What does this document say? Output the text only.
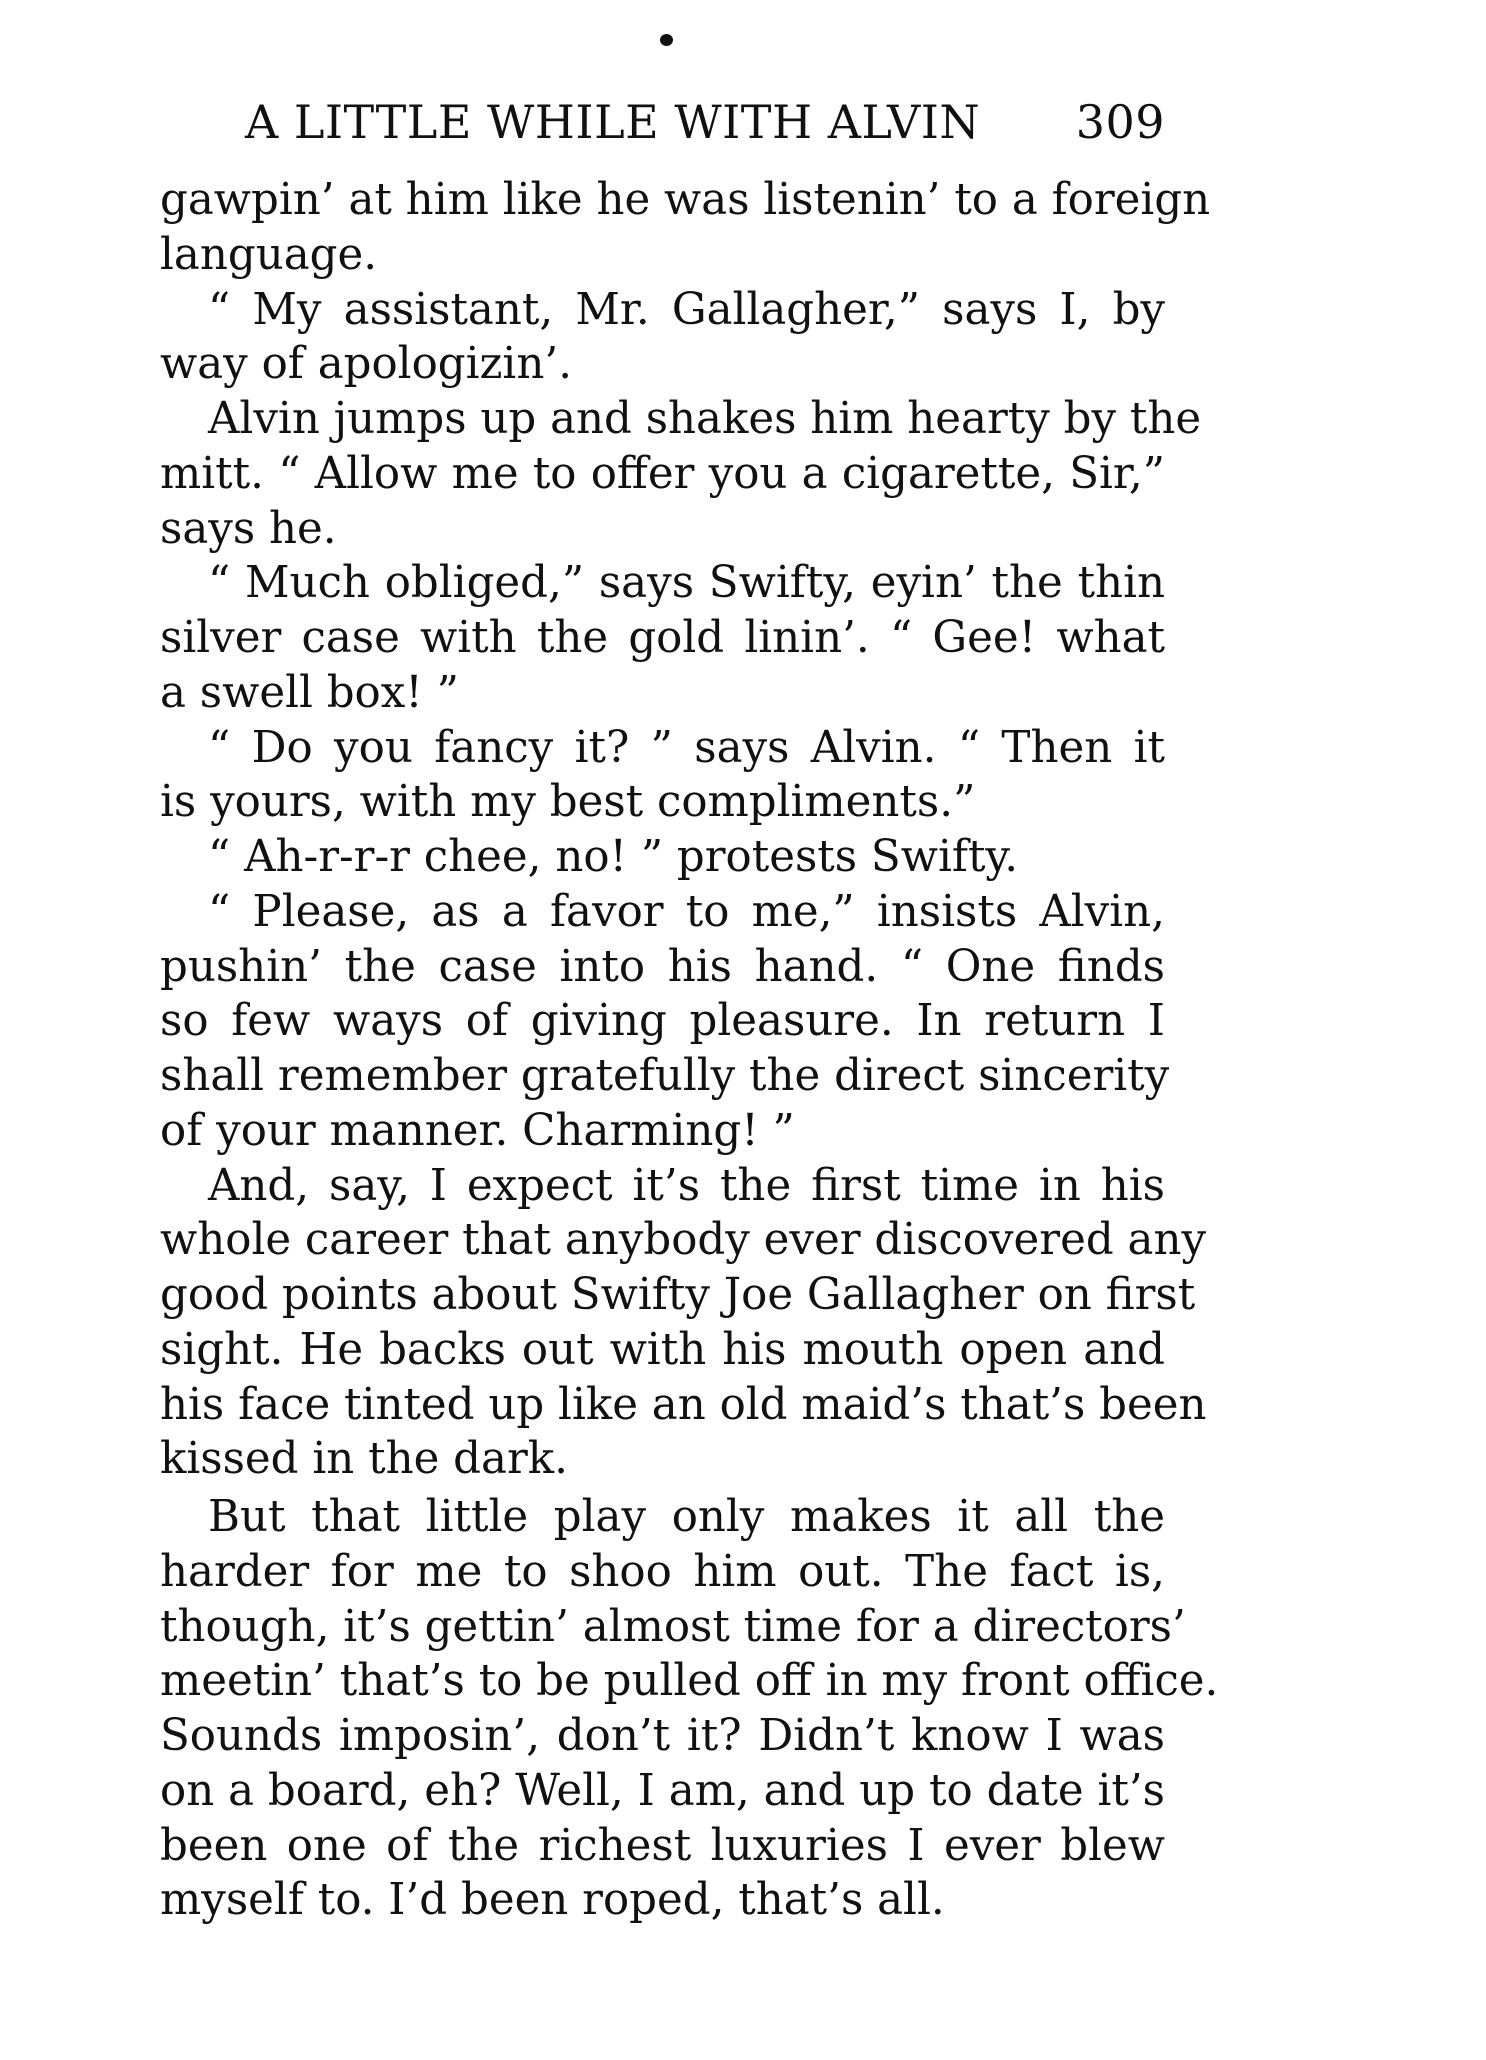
A LITTLE WHILE WITH ALVIN 309
gawpin’ at him like he was listenin’ to a foreign
language.
“ My assistant, Mr. Gallagher,” says I, by
way of apologizin’.
Alvin jumps up and shakes him hearty by the
mitt. “ Allow me to offer you a cigarette, Sir,”
says he.
“ Much obliged,” says Swifty, eyin’ the thin
silver case with the gold linin’. “ Gee! what
a swell box! ”
“ Do you fancy it? ” says Alvin. “ Then it
is yours, with my best compliments.”
“ Ah-r-r-r chee, no! ” protests Swifty.
“ Please, as a favor to me,” insists Alvin,
pushin’ the case into his hand. “ One finds
so few ways of giving pleasure. In return I
shall remember gratefully the direct sincerity
of your manner. Charming! ”
And, say, I expect it’s the first time in his
whole career that anybody ever discovered any
good points about Swifty Joe Gallagher on first
sight. He backs out with his mouth open and
his face tinted up like an old maid’s that’s been
kissed in the dark.
But that little play only makes it all the
harder for me to shoo him out. The fact is,
though, it’s gettin’ almost time for a directors’
meetin’ that’s to be pulled off in my front office.
Sounds imposin’, don’t it? Didn’t know I was
on a board, eh? Well, I am, and up to date it’s
been one of the richest luxuries I ever blew
myself to. I’d been roped, that’s all.
